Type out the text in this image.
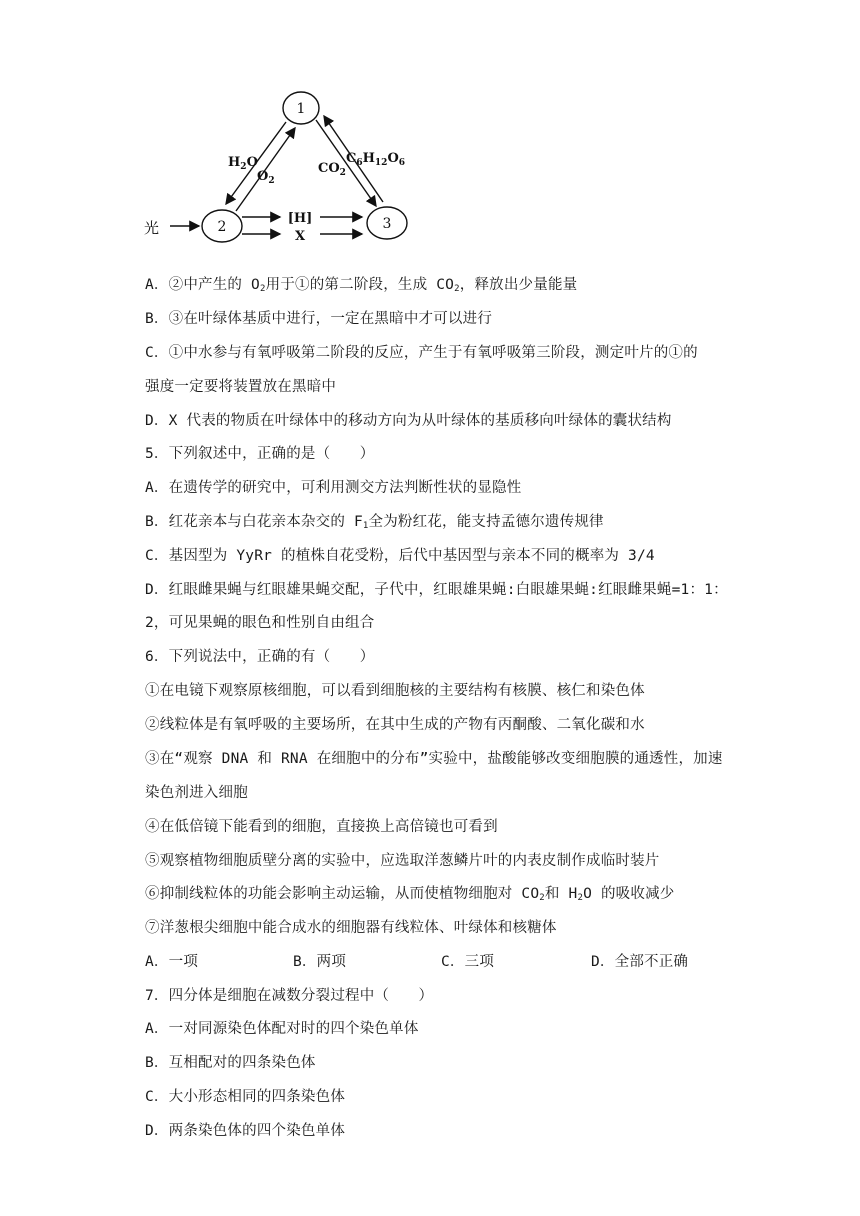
1
2	3
光
$H_2O$
$O_2$
$CO_2$
$C_6H_{12}O_6$
[H]
X
A．②中产生的 $O_2$用于①的第二阶段，生成 $CO_2$，释放出少量能量
B．③在叶绿体基质中进行，一定在黑暗中才可以进行
C．①中水参与有氧呼吸第二阶段的反应，产生于有氧呼吸第三阶段，测定叶片的①的
强度一定要将装置放在黑暗中
D．X 代表的物质在叶绿体中的移动方向为从叶绿体的基质移向叶绿体的囊状结构
5．下列叙述中，正确的是（　　）
A．在遗传学的研究中，可利用测交方法判断性状的显隐性
B．红花亲本与白花亲本杂交的 $F_1$全为粉红花，能支持孟德尔遗传规律
C．基因型为 YyRr 的植株自花受粉，后代中基因型与亲本不同的概率为 3/4
D．红眼雌果蝇与红眼雄果蝇交配，子代中，红眼雄果蝇:白眼雄果蝇:红眼雌果蝇=1：1：
2，可见果蝇的眼色和性别自由组合
6．下列说法中，正确的有（　　）
①在电镜下观察原核细胞，可以看到细胞核的主要结构有核膜、核仁和染色体
②线粒体是有氧呼吸的主要场所，在其中生成的产物有丙酮酸、二氧化碳和水
③在“观察 DNA 和 RNA 在细胞中的分布”实验中，盐酸能够改变细胞膜的通透性，加速
染色剂进入细胞
④在低倍镜下能看到的细胞，直接换上高倍镜也可看到
⑤观察植物细胞质壁分离的实验中，应选取洋葱鳞片叶的内表皮制作成临时装片
⑥抑制线粒体的功能会影响主动运输，从而使植物细胞对 $CO_2$和 $H_2O$ 的吸收减少
⑦洋葱根尖细胞中能合成水的细胞器有线粒体、叶绿体和核糖体
A．一项	B．两项	C．三项	D．全部不正确
7．四分体是细胞在减数分裂过程中（　　）
A．一对同源染色体配对时的四个染色单体
B．互相配对的四条染色体
C．大小形态相同的四条染色体
D．两条染色体的四个染色单体
